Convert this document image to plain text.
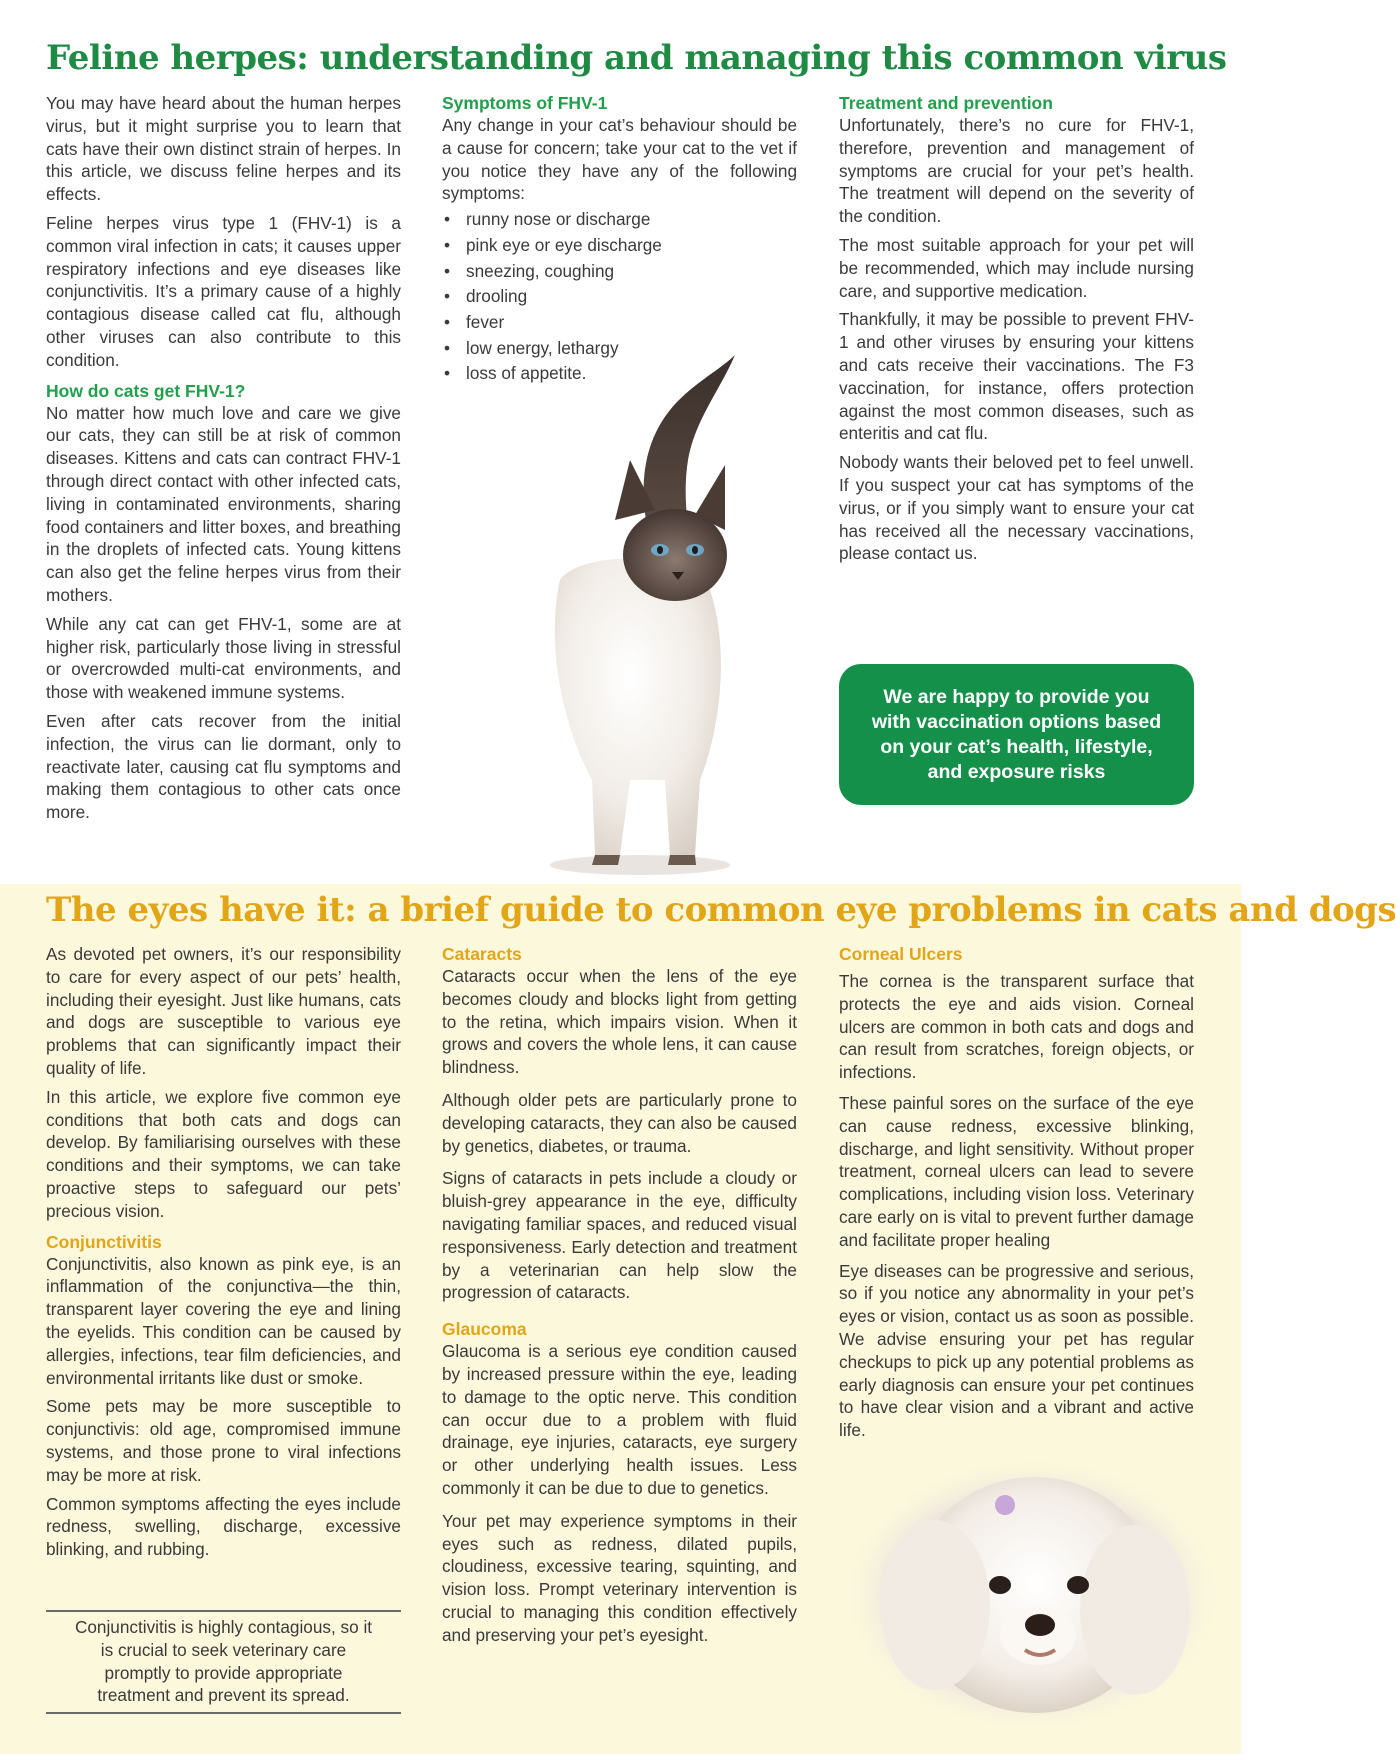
Feline herpes: understanding and managing this common virus

You may have heard about the human herpes virus, but it might surprise you to learn that cats have their own distinct strain of herpes. In this article, we discuss feline herpes and its effects.

Feline herpes virus type 1 (FHV-1) is a common viral infection in cats; it causes upper respiratory infections and eye diseases like conjunctivitis. It’s a primary cause of a highly contagious disease called cat flu, although other viruses can also contribute to this condition.

How do cats get FHV-1?

No matter how much love and care we give our cats, they can still be at risk of common diseases. Kittens and cats can contract FHV-1 through direct contact with other infected cats, living in contaminated environments, sharing food containers and litter boxes, and breathing in the droplets of infected cats. Young kittens can also get the feline herpes virus from their mothers.

While any cat can get FHV-1, some are at higher risk, particularly those living in stressful or overcrowded multi-cat environments, and those with weakened immune systems.

Even after cats recover from the initial infection, the virus can lie dormant, only to reactivate later, causing cat flu symptoms and making them contagious to other cats once more.

Symptoms of FHV-1

Any change in your cat’s behaviour should be a cause for concern; take your cat to the vet if you notice they have any of the following symptoms:

• runny nose or discharge
• pink eye or eye discharge
• sneezing, coughing
• drooling
• fever
• low energy, lethargy
• loss of appetite.
Treatment and prevention

Unfortunately, there’s no cure for FHV-1, therefore, prevention and management of symptoms are crucial for your pet’s health. The treatment will depend on the severity of the condition.

The most suitable approach for your pet will be recommended, which may include nursing care, and supportive medication.

Thankfully, it may be possible to prevent FHV-1 and other viruses by ensuring your kittens and cats receive their vaccinations. The F3 vaccination, for instance, offers protection against the most common diseases, such as enteritis and cat flu.

Nobody wants their beloved pet to feel unwell. If you suspect your cat has symptoms of the virus, or if you simply want to ensure your cat has received all the necessary vaccinations, please contact us.

We are happy to provide you with vaccination options based on your cat’s health, lifestyle, and exposure risks
The eyes have it: a brief guide to common eye problems in cats and dogs

As devoted pet owners, it’s our responsibility to care for every aspect of our pets’ health, including their eyesight. Just like humans, cats and dogs are susceptible to various eye problems that can significantly impact their quality of life.

In this article, we explore five common eye conditions that both cats and dogs can develop. By familiarising ourselves with these conditions and their symptoms, we can take proactive steps to safeguard our pets’ precious vision.

Conjunctivitis

Conjunctivitis, also known as pink eye, is an inflammation of the conjunctiva—the thin, transparent layer covering the eye and lining the eyelids. This condition can be caused by allergies, infections, tear film deficiencies, and environmental irritants like dust or smoke.

Some pets may be more susceptible to conjunctivis: old age, compromised immune systems, and those prone to viral infections may be more at risk.

Common symptoms affecting the eyes include redness, swelling, discharge, excessive blinking, and rubbing.

Conjunctivitis is highly contagious, so it is crucial to seek veterinary care promptly to provide appropriate treatment and prevent its spread.
Cataracts

Cataracts occur when the lens of the eye becomes cloudy and blocks light from getting to the retina, which impairs vision. When it grows and covers the whole lens, it can cause blindness.

Although older pets are particularly prone to developing cataracts, they can also be caused by genetics, diabetes, or trauma.

Signs of cataracts in pets include a cloudy or bluish-grey appearance in the eye, difficulty navigating familiar spaces, and reduced visual responsiveness. Early detection and treatment by a veterinarian can help slow the progression of cataracts.

Glaucoma

Glaucoma is a serious eye condition caused by increased pressure within the eye, leading to damage to the optic nerve. This condition can occur due to a problem with fluid drainage, eye injuries, cataracts, eye surgery or other underlying health issues. Less commonly it can be due to due to genetics.

Your pet may experience symptoms in their eyes such as redness, dilated pupils, cloudiness, excessive tearing, squinting, and vision loss. Prompt veterinary intervention is crucial to managing this condition effectively and preserving your pet’s eyesight.

Corneal Ulcers

The cornea is the transparent surface that protects the eye and aids vision. Corneal ulcers are common in both cats and dogs and can result from scratches, foreign objects, or infections.

These painful sores on the surface of the eye can cause redness, excessive blinking, discharge, and light sensitivity. Without proper treatment, corneal ulcers can lead to severe complications, including vision loss. Veterinary care early on is vital to prevent further damage and facilitate proper healing

Eye diseases can be progressive and serious, so if you notice any abnormality in your pet’s eyes or vision, contact us as soon as possible. We advise ensuring your pet has regular checkups to pick up any potential problems as early diagnosis can ensure your pet continues to have clear vision and a vibrant and active life.
